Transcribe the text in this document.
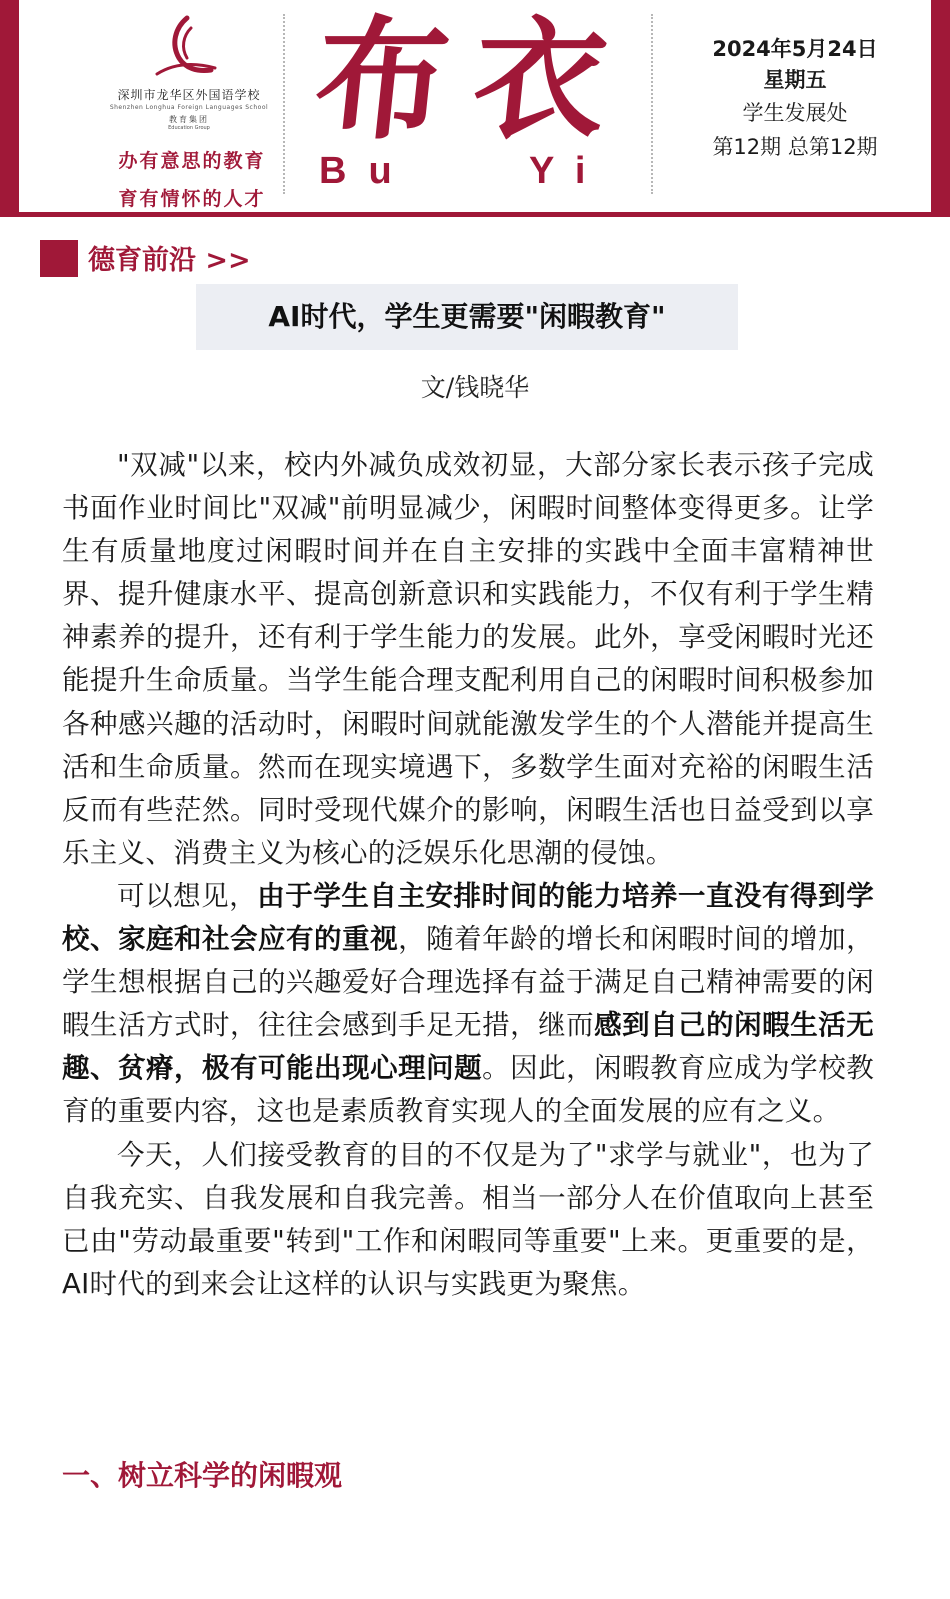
深圳市龙华区外国语学校
Shenzhen Longhua Foreign Languages School
教育集团
Education Group
办有意思的教育
育有情怀的人才
布衣
Bu	Yi
2024年5月24日
星期五
学生发展处
第12期 总第12期
德育前沿 >>
AI时代，学生更需要"闲暇教育"
文/钱晓华

"双减"以来，校内外减负成效初显，大部分家长表示孩子完成书面作业时间比"双减"前明显减少，闲暇时间整体变得更多。让学生有质量地度过闲暇时间并在自主安排的实践中全面丰富精神世界、提升健康水平、提高创新意识和实践能力，不仅有利于学生精神素养的提升，还有利于学生能力的发展。此外，享受闲暇时光还能提升生命质量。当学生能合理支配利用自己的闲暇时间积极参加各种感兴趣的活动时，闲暇时间就能激发学生的个人潜能并提高生活和生命质量。然而在现实境遇下，多数学生面对充裕的闲暇生活反而有些茫然。同时受现代媒介的影响，闲暇生活也日益受到以享乐主义、消费主义为核心的泛娱乐化思潮的侵蚀。

可以想见，由于学生自主安排时间的能力培养一直没有得到学校、家庭和社会应有的重视，随着年龄的增长和闲暇时间的增加，学生想根据自己的兴趣爱好合理选择有益于满足自己精神需要的闲暇生活方式时，往往会感到手足无措，继而感到自己的闲暇生活无趣、贫瘠，极有可能出现心理问题。因此，闲暇教育应成为学校教育的重要内容，这也是素质教育实现人的全面发展的应有之义。

今天，人们接受教育的目的不仅是为了"求学与就业"，也为了自我充实、自我发展和自我完善。相当一部分人在价值取向上甚至已由"劳动最重要"转到"工作和闲暇同等重要"上来。更重要的是，AI时代的到来会让这样的认识与实践更为聚焦。

一、树立科学的闲暇观
